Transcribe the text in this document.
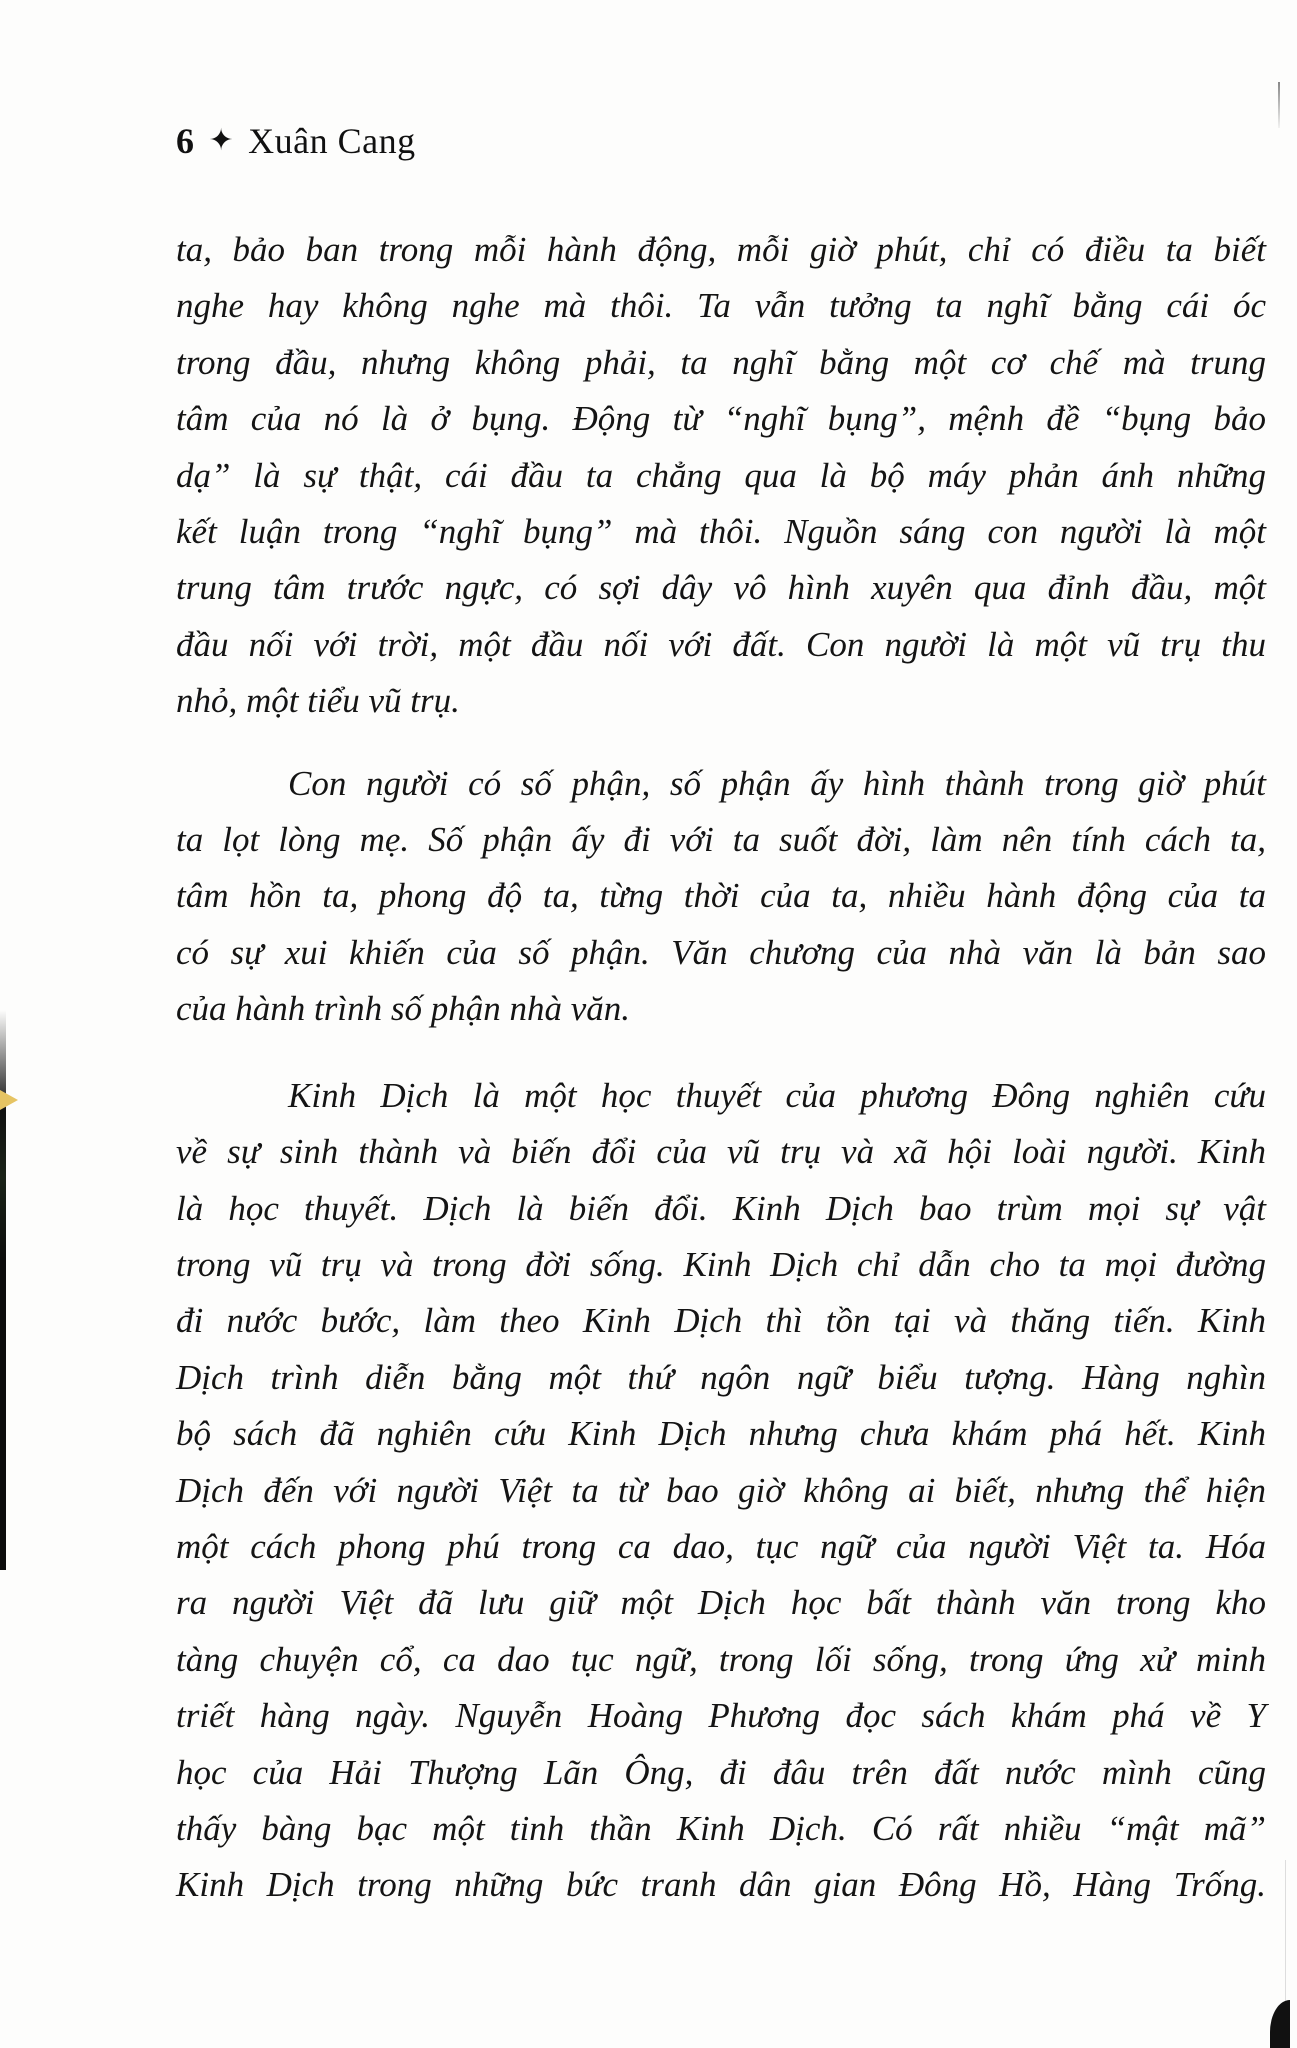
6 ✦ Xuân Cang

ta, bảo ban trong mỗi hành động, mỗi giờ phút, chỉ có điều ta biết
nghe hay không nghe mà thôi. Ta vẫn tưởng ta nghĩ bằng cái óc
trong đầu, nhưng không phải, ta nghĩ bằng một cơ chế mà trung
tâm của nó là ở bụng. Động từ “nghĩ bụng”, mệnh đề “bụng bảo
dạ” là sự thật, cái đầu ta chẳng qua là bộ máy phản ánh những
kết luận trong “nghĩ bụng” mà thôi. Nguồn sáng con người là một
trung tâm trước ngực, có sợi dây vô hình xuyên qua đỉnh đầu, một
đầu nối với trời, một đầu nối với đất. Con người là một vũ trụ thu
nhỏ, một tiểu vũ trụ.

Con người có số phận, số phận ấy hình thành trong giờ phút
ta lọt lòng mẹ. Số phận ấy đi với ta suốt đời, làm nên tính cách ta,
tâm hồn ta, phong độ ta, từng thời của ta, nhiều hành động của ta
có sự xui khiến của số phận. Văn chương của nhà văn là bản sao
của hành trình số phận nhà văn.

Kinh Dịch là một học thuyết của phương Đông nghiên cứu
về sự sinh thành và biến đổi của vũ trụ và xã hội loài người. Kinh
là học thuyết. Dịch là biến đổi. Kinh Dịch bao trùm mọi sự vật
trong vũ trụ và trong đời sống. Kinh Dịch chỉ dẫn cho ta mọi đường
đi nước bước, làm theo Kinh Dịch thì tồn tại và thăng tiến. Kinh
Dịch trình diễn bằng một thứ ngôn ngữ biểu tượng. Hàng nghìn
bộ sách đã nghiên cứu Kinh Dịch nhưng chưa khám phá hết. Kinh
Dịch đến với người Việt ta từ bao giờ không ai biết, nhưng thể hiện
một cách phong phú trong ca dao, tục ngữ của người Việt ta. Hóa
ra người Việt đã lưu giữ một Dịch học bất thành văn trong kho
tàng chuyện cổ, ca dao tục ngữ, trong lối sống, trong ứng xử minh
triết hàng ngày. Nguyễn Hoàng Phương đọc sách khám phá về Y
học của Hải Thượng Lãn Ông, đi đâu trên đất nước mình cũng
thấy bàng bạc một tinh thần Kinh Dịch. Có rất nhiều “mật mã”
Kinh Dịch trong những bức tranh dân gian Đông Hồ, Hàng Trống.
